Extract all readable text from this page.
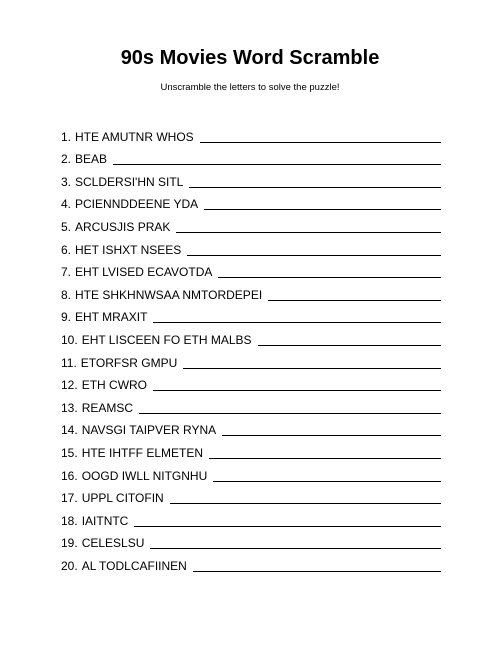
90s Movies Word Scramble
Unscramble the letters to solve the puzzle!
1. HTE AMUTNR WHOS
2. BEAB
3. SCLDERSI'HN SITL
4. PCIENNDDEENE YDA
5. ARCUSJIS PRAK
6. HET ISHXT NSEES
7. EHT LVISED ECAVOTDA
8. HTE SHKHNWSAA NMTORDEPEI
9. EHT MRAXIT
10. EHT LISCEEN FO ETH MALBS
11. ETORFSR GMPU
12. ETH CWRO
13. REAMSC
14. NAVSGI TAIPVER RYNA
15. HTE IHTFF ELMETEN
16. OOGD IWLL NITGNHU
17. UPPL CITOFIN
18. IAITNTC
19. CELESLSU
20. AL TODLCAFIINEN
